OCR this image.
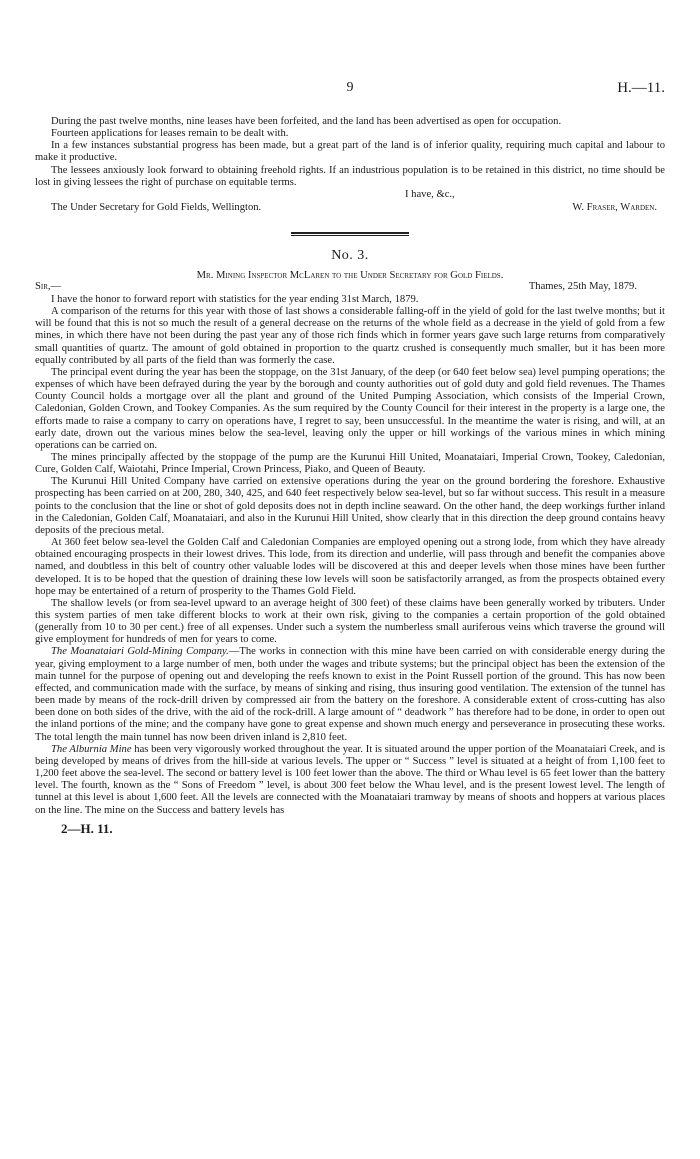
9	H.—11.

During the past twelve months, nine leases have been forfeited, and the land has been advertised as open for occupation.

Fourteen applications for leases remain to be dealt with.

In a few instances substantial progress has been made, but a great part of the land is of inferior quality, requiring much capital and labour to make it productive.

The lessees anxiously look forward to obtaining freehold rights. If an industrious population is to be retained in this district, no time should be lost in giving lessees the right of purchase on equitable terms.

I have, &c.,
The Under Secretary for Gold Fields, Wellington.	W. Fraser, Warden.
No. 3.
Mr. Mining Inspector McLaren to the Under Secretary for Gold Fields.
Sir,—	Thames, 25th May, 1879.

I have the honor to forward report with statistics for the year ending 31st March, 1879.

A comparison of the returns for this year with those of last shows a considerable falling-off in the yield of gold for the last twelve months; but it will be found that this is not so much the result of a general decrease on the returns of the whole field as a decrease in the yield of gold from a few mines, in which there have not been during the past year any of those rich finds which in former years gave such large returns from comparatively small quantities of quartz. The amount of gold obtained in proportion to the quartz crushed is consequently much smaller, but it has been more equally contributed by all parts of the field than was formerly the case.

The principal event during the year has been the stoppage, on the 31st January, of the deep (or 640 feet below sea) level pumping operations; the expenses of which have been defrayed during the year by the borough and county authorities out of gold duty and gold field revenues. The Thames County Council holds a mortgage over all the plant and ground of the United Pumping Association, which consists of the Imperial Crown, Caledonian, Golden Crown, and Tookey Companies. As the sum required by the County Council for their interest in the property is a large one, the efforts made to raise a company to carry on operations have, I regret to say, been unsuccessful. In the meantime the water is rising, and will, at an early date, drown out the various mines below the sea-level, leaving only the upper or hill workings of the various mines in which mining operations can be carried on.

The mines principally affected by the stoppage of the pump are the Kurunui Hill United, Moanataiari, Imperial Crown, Tookey, Caledonian, Cure, Golden Calf, Waiotahi, Prince Imperial, Crown Princess, Piako, and Queen of Beauty.

The Kurunui Hill United Company have carried on extensive operations during the year on the ground bordering the foreshore. Exhaustive prospecting has been carried on at 200, 280, 340, 425, and 640 feet respectively below sea-level, but so far without success. This result in a measure points to the conclusion that the line or shot of gold deposits does not in depth incline seaward. On the other hand, the deep workings further inland in the Caledonian, Golden Calf, Moanataiari, and also in the Kurunui Hill United, show clearly that in this direction the deep ground contains heavy deposits of the precious metal.

At 360 feet below sea-level the Golden Calf and Caledonian Companies are employed opening out a strong lode, from which they have already obtained encouraging prospects in their lowest drives. This lode, from its direction and underlie, will pass through and benefit the companies above named, and doubtless in this belt of country other valuable lodes will be discovered at this and deeper levels when those mines have been further developed. It is to be hoped that the question of draining these low levels will soon be satisfactorily arranged, as from the prospects obtained every hope may be entertained of a return of prosperity to the Thames Gold Field.

The shallow levels (or from sea-level upward to an average height of 300 feet) of these claims have been generally worked by tributers. Under this system parties of men take different blocks to work at their own risk, giving to the companies a certain proportion of the gold obtained (generally from 10 to 30 per cent.) free of all expenses. Under such a system the numberless small auriferous veins which traverse the ground will give employment for hundreds of men for years to come.

The Moanataiari Gold-Mining Company.—The works in connection with this mine have been carried on with considerable energy during the year, giving employment to a large number of men, both under the wages and tribute systems; but the principal object has been the extension of the main tunnel for the purpose of opening out and developing the reefs known to exist in the Point Russell portion of the ground. This has now been effected, and communication made with the surface, by means of sinking and rising, thus insuring good ventilation. The extension of the tunnel has been made by means of the rock-drill driven by compressed air from the battery on the foreshore. A considerable extent of cross-cutting has also been done on both sides of the drive, with the aid of the rock-drill. A large amount of “ deadwork ” has therefore had to be done, in order to open out the inland portions of the mine; and the company have gone to great expense and shown much energy and perseverance in prosecuting these works. The total length the main tunnel has now been driven inland is 2,810 feet.

The Alburnia Mine has been very vigorously worked throughout the year. It is situated around the upper portion of the Moanataiari Creek, and is being developed by means of drives from the hill-side at various levels. The upper or “ Success ” level is situated at a height of from 1,100 feet to 1,200 feet above the sea-level. The second or battery level is 100 feet lower than the above. The third or Whau level is 65 feet lower than the battery level. The fourth, known as the “ Sons of Freedom ” level, is about 300 feet below the Whau level, and is the present lowest level. The length of tunnel at this level is about 1,600 feet. All the levels are connected with the Moanataiari tramway by means of shoots and hoppers at various places on the line. The mine on the Success and battery levels has

2—H. 11.
